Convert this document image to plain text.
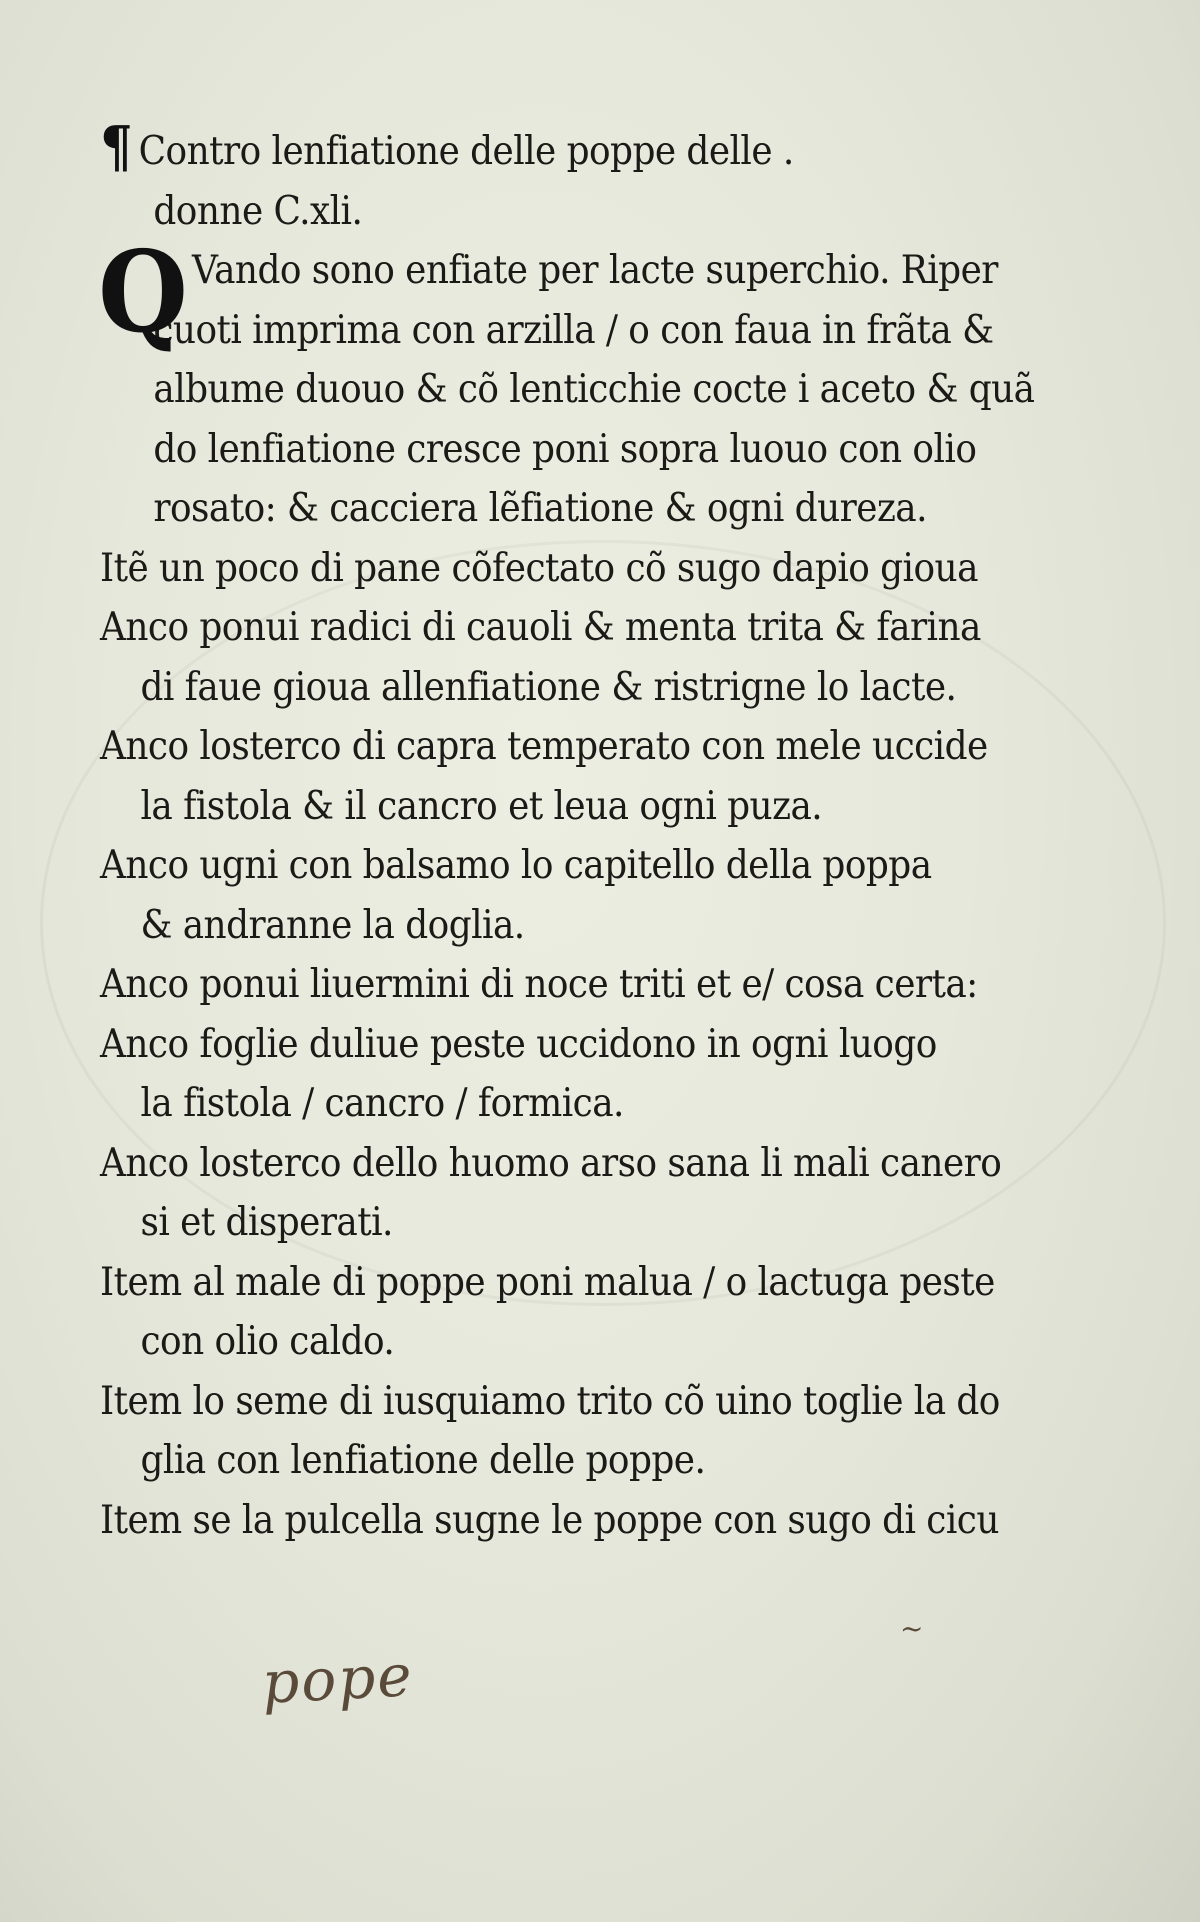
¶ Contro lenfiatione delle poppe delle .
donne C.xli.
Q Vando sono enfiate per lacte superchio. Riper
cuoti imprima con arzilla / o con faua in frãta &
albume duouo & cõ lenticchie cocte i aceto & quã
do lenfiatione cresce poni sopra luouo con olio
rosato: & cacciera lẽfiatione & ogni dureza.
Itẽ un poco di pane cõfectato cõ sugo dapio gioua
Anco ponui radici di cauoli & menta trita & farina
di faue gioua allenfiatione & ristrigne lo lacte.
Anco losterco di capra temperato con mele uccide
la fistola & il cancro et leua ogni puza.
Anco ugni con balsamo lo capitello della poppa
& andranne la doglia.
Anco ponui liuermini di noce triti et e/ cosa certa:
Anco foglie duliue peste uccidono in ogni luogo
la fistola / cancro / formica.
Anco losterco dello huomo arso sana li mali canero
si et disperati.
Item al male di poppe poni malua / o lactuga peste
con olio caldo.
Item lo seme di iusquiamo trito cõ uino toglie la do
glia con lenfiatione delle poppe.
Item se la pulcella sugne le poppe con sugo di cicu
pope
~
